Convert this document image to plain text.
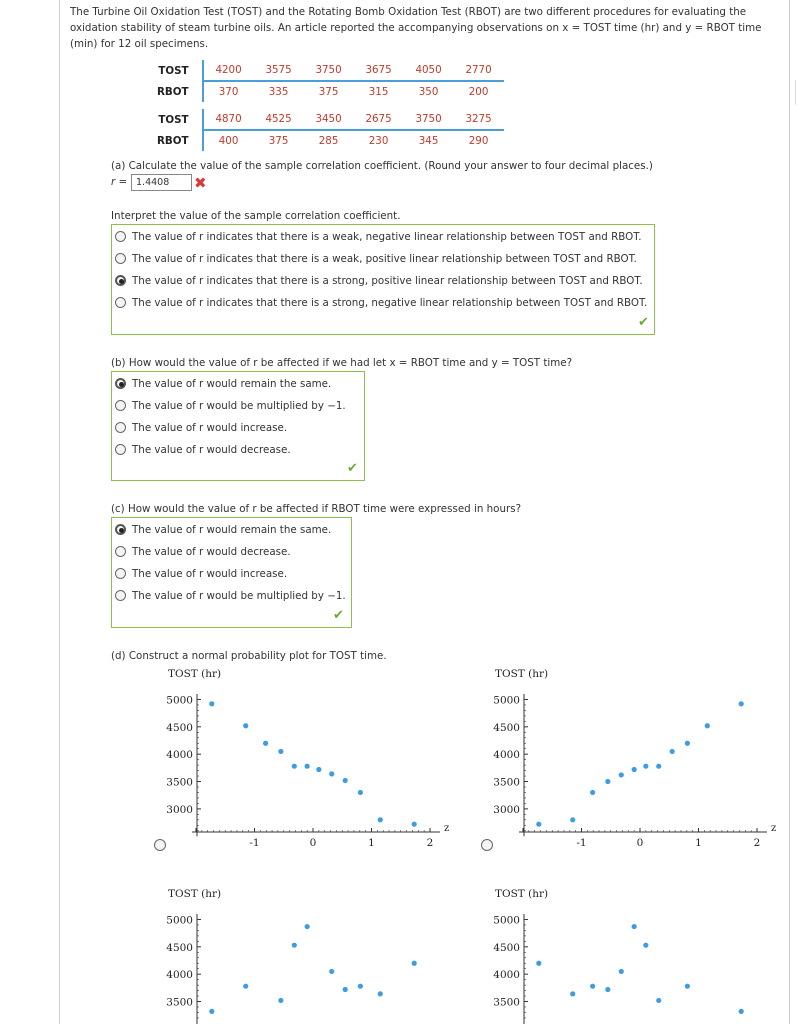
The Turbine Oil Oxidation Test (TOST) and the Rotating Bomb Oxidation Test (RBOT) are two different procedures for evaluating the
oxidation stability of steam turbine oils. An article reported the accompanying observations on x = TOST time (hr) and y = RBOT time
(min) for 12 oil specimens.
TOST	4200	3575	3750	3675	4050	2770
RBOT	370	335	375	315	350	200
TOST	4870	4525	3450	2675	3750	3275
RBOT	400	375	285	230	345	290
(a) Calculate the value of the sample correlation coefficient. (Round your answer to four decimal places.)
r = 1.4408	✖
Interpret the value of the sample correlation coefficient.
The value of r indicates that there is a weak, negative linear relationship between TOST and RBOT.
The value of r indicates that there is a weak, positive linear relationship between TOST and RBOT.
The value of r indicates that there is a strong, positive linear relationship between TOST and RBOT.
The value of r indicates that there is a strong, negative linear relationship between TOST and RBOT.
✔
(b) How would the value of r be affected if we had let x = RBOT time and y = TOST time?
The value of r would remain the same.
The value of r would be multiplied by −1.
The value of r would increase.
The value of r would decrease.
✔
(c) How would the value of r be affected if RBOT time were expressed in hours?
The value of r would remain the same.
The value of r would decrease.
The value of r would increase.
The value of r would be multiplied by −1.
✔
(d) Construct a normal probability plot for TOST time.
TOST (hr)
5000
4500
4000
3500
3000
-1	0	1	2
z
TOST (hr)
5000
4500
4000
3500
3000
-1	0	1	2
z
TOST (hr)
5000
4500
4000
3500
TOST (hr)
5000
4500
4000
3500
